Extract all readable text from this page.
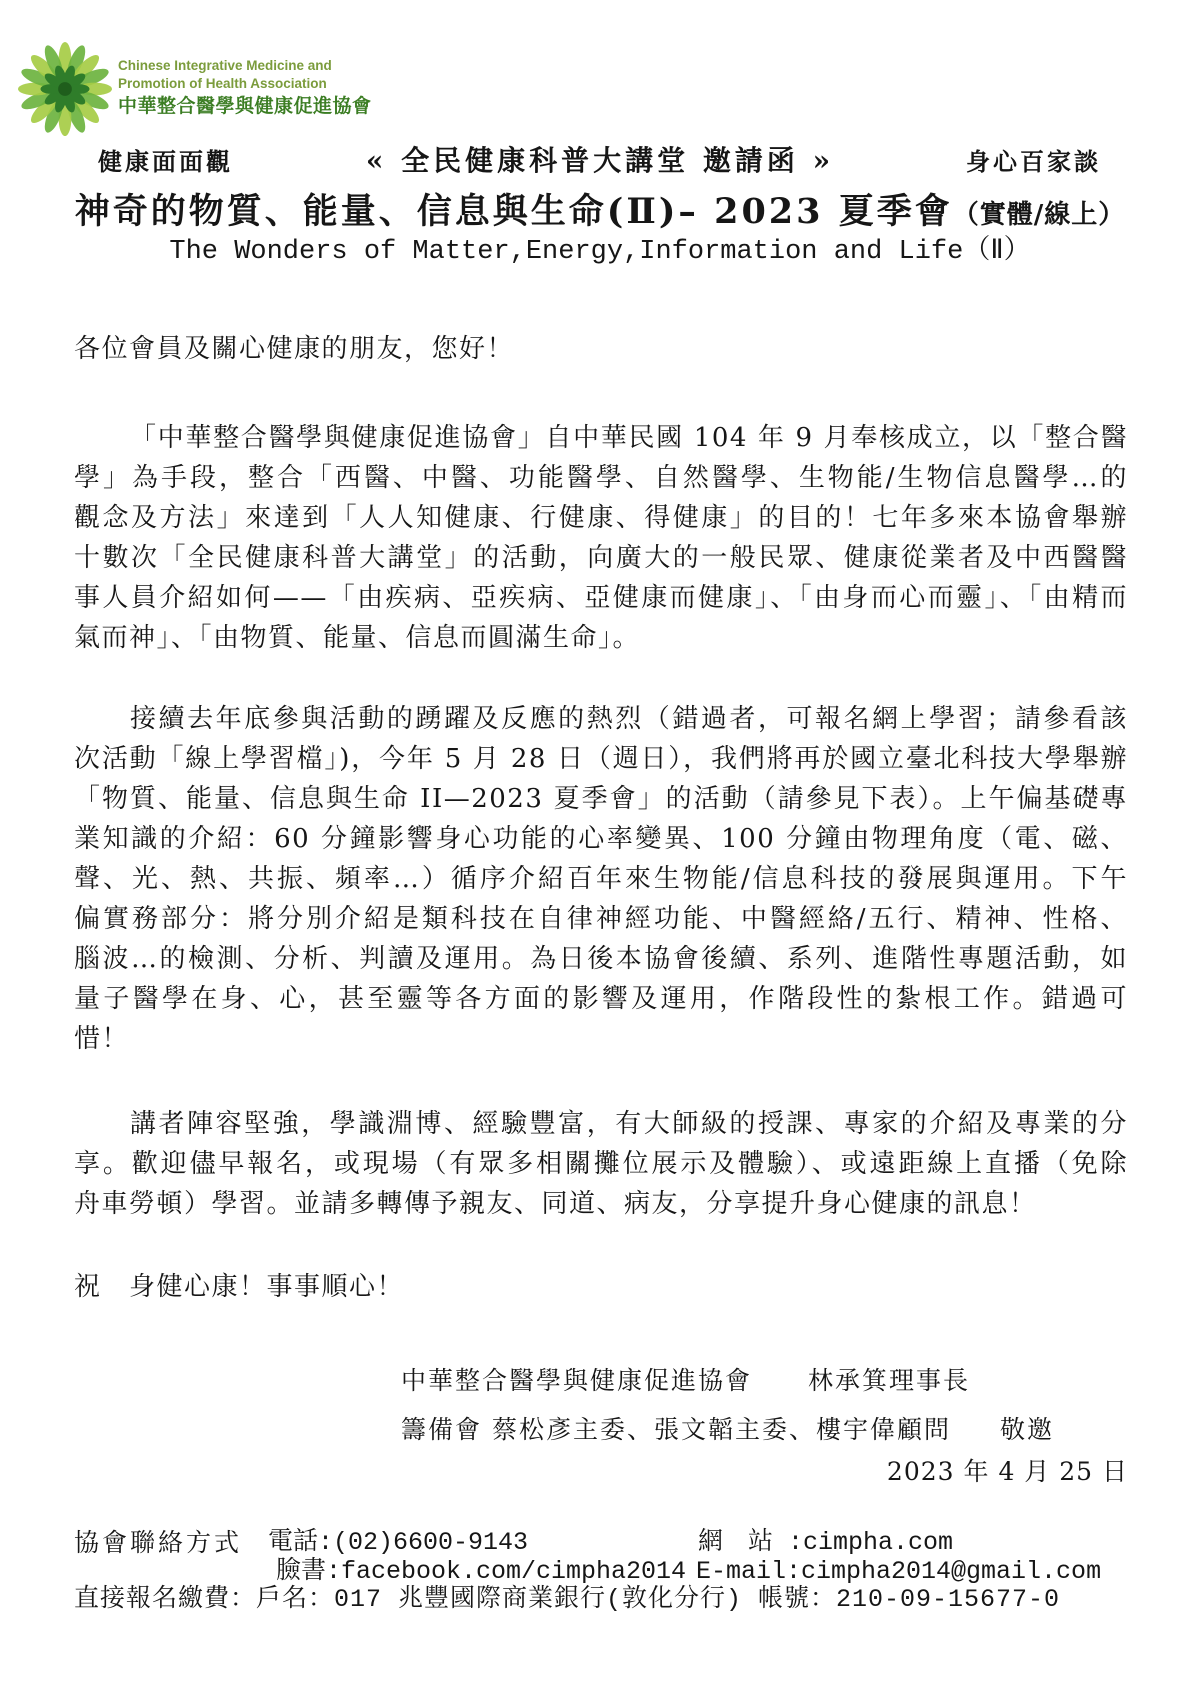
Chinese Integrative Medicine and
Promotion of Health Association
中華整合醫學與健康促進協會
健康面面觀	« 全民健康科普大講堂 邀請函 »	身心百家談
神奇的物質、能量、信息與生命(Ⅱ)– 2023 夏季會（實體/線上）
The Wonders of Matter,Energy,Information and Life（Ⅱ）
各位會員及關心健康的朋友，您好！
「中華整合醫學與健康促進協會」自中華民國 104 年 9 月奉核成立，以「整合醫
學」為手段，整合「西醫、中醫、功能醫學、自然醫學、生物能/生物信息醫學…的
觀念及方法」來達到「人人知健康、行健康、得健康」的目的！七年多來本協會舉辦
十數次「全民健康科普大講堂」的活動，向廣大的一般民眾、健康從業者及中西醫醫
事人員介紹如何——「由疾病、亞疾病、亞健康而健康」、「由身而心而靈」、「由精而
氣而神」、「由物質、能量、信息而圓滿生命」。
接續去年底參與活動的踴躍及反應的熱烈（錯過者，可報名網上學習；請參看該
次活動「線上學習檔」)，今年 5 月 28 日（週日），我們將再於國立臺北科技大學舉辦
「物質、能量、信息與生命 II—2023 夏季會」的活動（請參見下表）。上午偏基礎專
業知識的介紹：60 分鐘影響身心功能的心率變異、100 分鐘由物理角度（電、磁、
聲、光、熱、共振、頻率…）循序介紹百年來生物能/信息科技的發展與運用。下午
偏實務部分：將分別介紹是類科技在自律神經功能、中醫經絡/五行、精神、性格、
腦波…的檢測、分析、判讀及運用。為日後本協會後續、系列、進階性專題活動，如
量子醫學在身、心，甚至靈等各方面的影響及運用，作階段性的紮根工作。錯過可
惜！
講者陣容堅強，學識淵博、經驗豐富，有大師級的授課、專家的介紹及專業的分
享。歡迎儘早報名，或現場（有眾多相關攤位展示及體驗）、或遠距線上直播（免除
舟車勞頓）學習。並請多轉傳予親友、同道、病友，分享提升身心健康的訊息！
祝　身健心康！事事順心！
中華整合醫學與健康促進協會 林承箕理事長
籌備會 蔡松彥主委、張文韜主委、樓宇偉顧問 敬邀
2023 年 4 月 25 日
協會聯絡方式 電話:(02)6600-9143	網　站 :cimpha.com
臉書:facebook.com/cimpha2014 E-mail:cimpha2014@gmail.com
直接報名繳費：戶名：017 兆豐國際商業銀行(敦化分行) 帳號：210-09-15677-0
